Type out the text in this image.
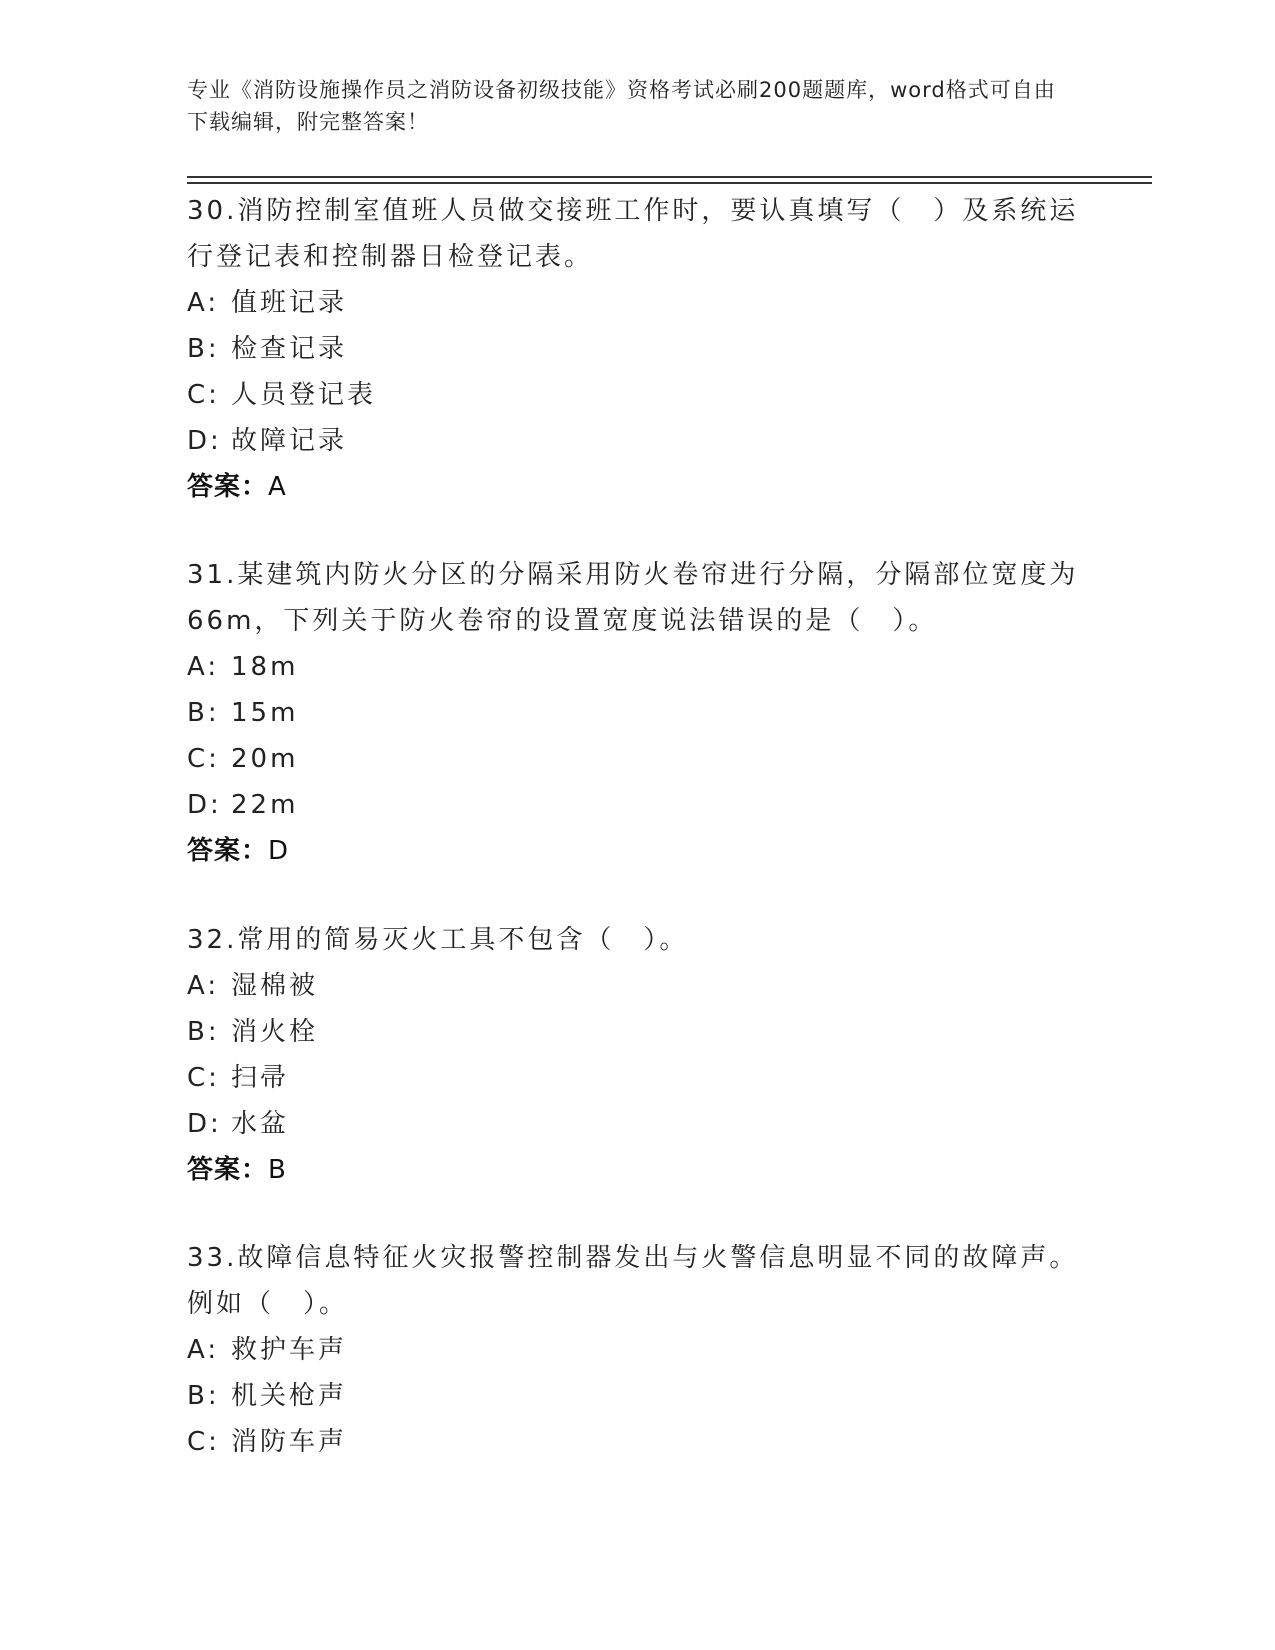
专业《消防设施操作员之消防设备初级技能》资格考试必刷200题题库，word格式可自由下载编辑，附完整答案！

30.消防控制室值班人员做交接班工作时，要认真填写（　）及系统运行登记表和控制器日检登记表。

A: 值班记录
B: 检查记录
C: 人员登记表
D: 故障记录
答案：A

31.某建筑内防火分区的分隔采用防火卷帘进行分隔，分隔部位宽度为66m，下列关于防火卷帘的设置宽度说法错误的是（　）。

A: 18m
B: 15m
C: 20m
D: 22m
答案：D

32.常用的简易灭火工具不包含（　）。

A: 湿棉被
B: 消火栓
C: 扫帚
D: 水盆
答案：B

33.故障信息特征火灾报警控制器发出与火警信息明显不同的故障声。例如（　）。

A: 救护车声
B: 机关枪声
C: 消防车声
